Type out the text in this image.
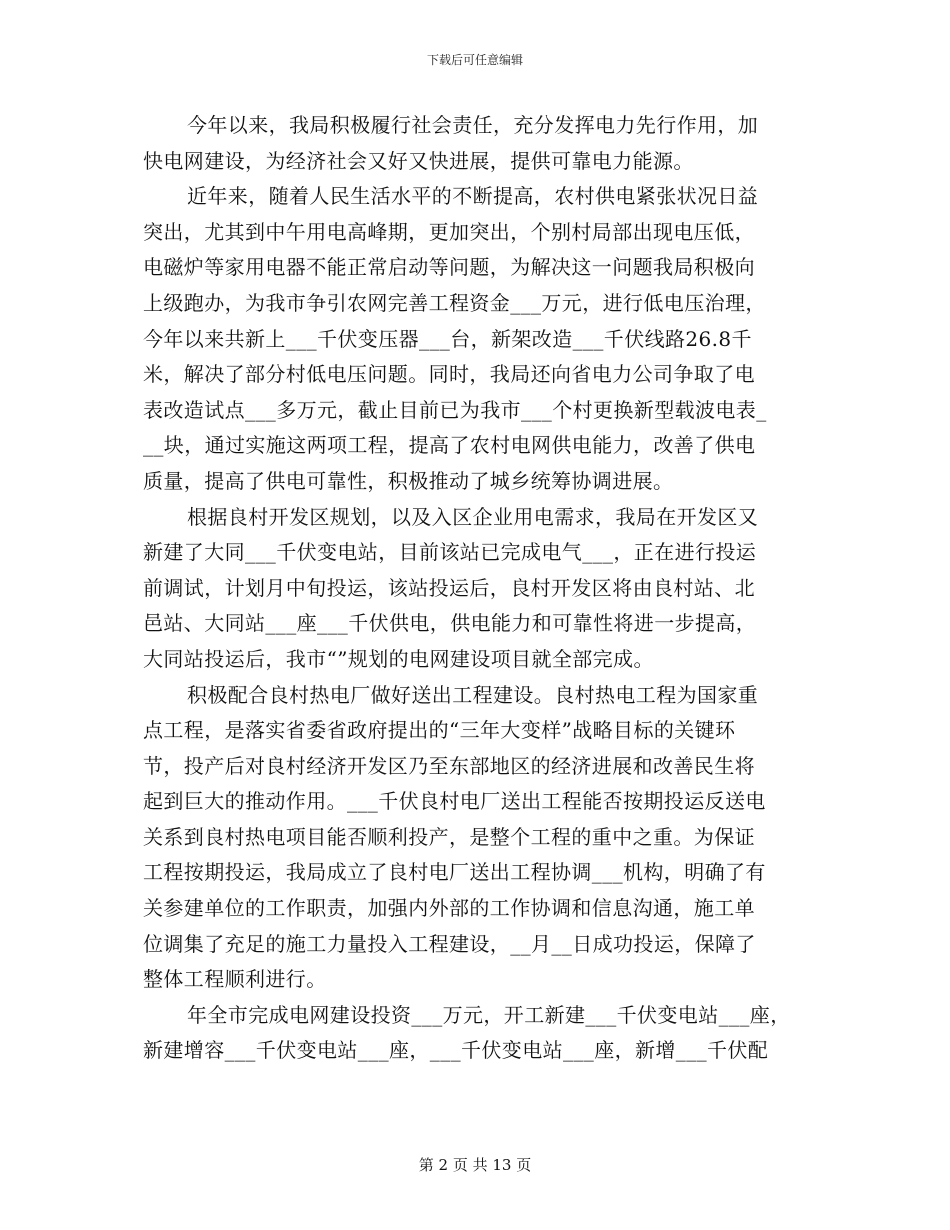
下载后可任意编辑
今年以来，我局积极履行社会责任，充分发挥电力先行作用，加
快电网建设，为经济社会又好又快进展，提供可靠电力能源。
近年来，随着人民生活水平的不断提高，农村供电紧张状况日益
突出，尤其到中午用电高峰期，更加突出，个别村局部出现电压低，
电磁炉等家用电器不能正常启动等问题，为解决这一问题我局积极向
上级跑办，为我市争引农网完善工程资金___万元，进行低电压治理，
今年以来共新上___千伏变压器___台，新架改造___千伏线路26.8千
米，解决了部分村低电压问题。同时，我局还向省电力公司争取了电
表改造试点___多万元，截止目前已为我市___个村更换新型载波电表_
__块，通过实施这两项工程，提高了农村电网供电能力，改善了供电
质量，提高了供电可靠性，积极推动了城乡统筹协调进展。
根据良村开发区规划，以及入区企业用电需求，我局在开发区又
新建了大同___千伏变电站，目前该站已完成电气___，正在进行投运
前调试，计划月中旬投运，该站投运后，良村开发区将由良村站、北
邑站、大同站___座___千伏供电，供电能力和可靠性将进一步提高，
大同站投运后，我市“”规划的电网建设项目就全部完成。
积极配合良村热电厂做好送出工程建设。良村热电工程为国家重
点工程，是落实省委省政府提出的“三年大变样”战略目标的关键环
节，投产后对良村经济开发区乃至东部地区的经济进展和改善民生将
起到巨大的推动作用。___千伏良村电厂送出工程能否按期投运反送电
关系到良村热电项目能否顺利投产，是整个工程的重中之重。为保证
工程按期投运，我局成立了良村电厂送出工程协调___机构，明确了有
关参建单位的工作职责，加强内外部的工作协调和信息沟通，施工单
位调集了充足的施工力量投入工程建设，__月__日成功投运，保障了
整体工程顺利进行。
年全市完成电网建设投资___万元，开工新建___千伏变电站___座，
新建增容___千伏变电站___座，___千伏变电站___座，新增___千伏配
第 2 页 共 13 页
